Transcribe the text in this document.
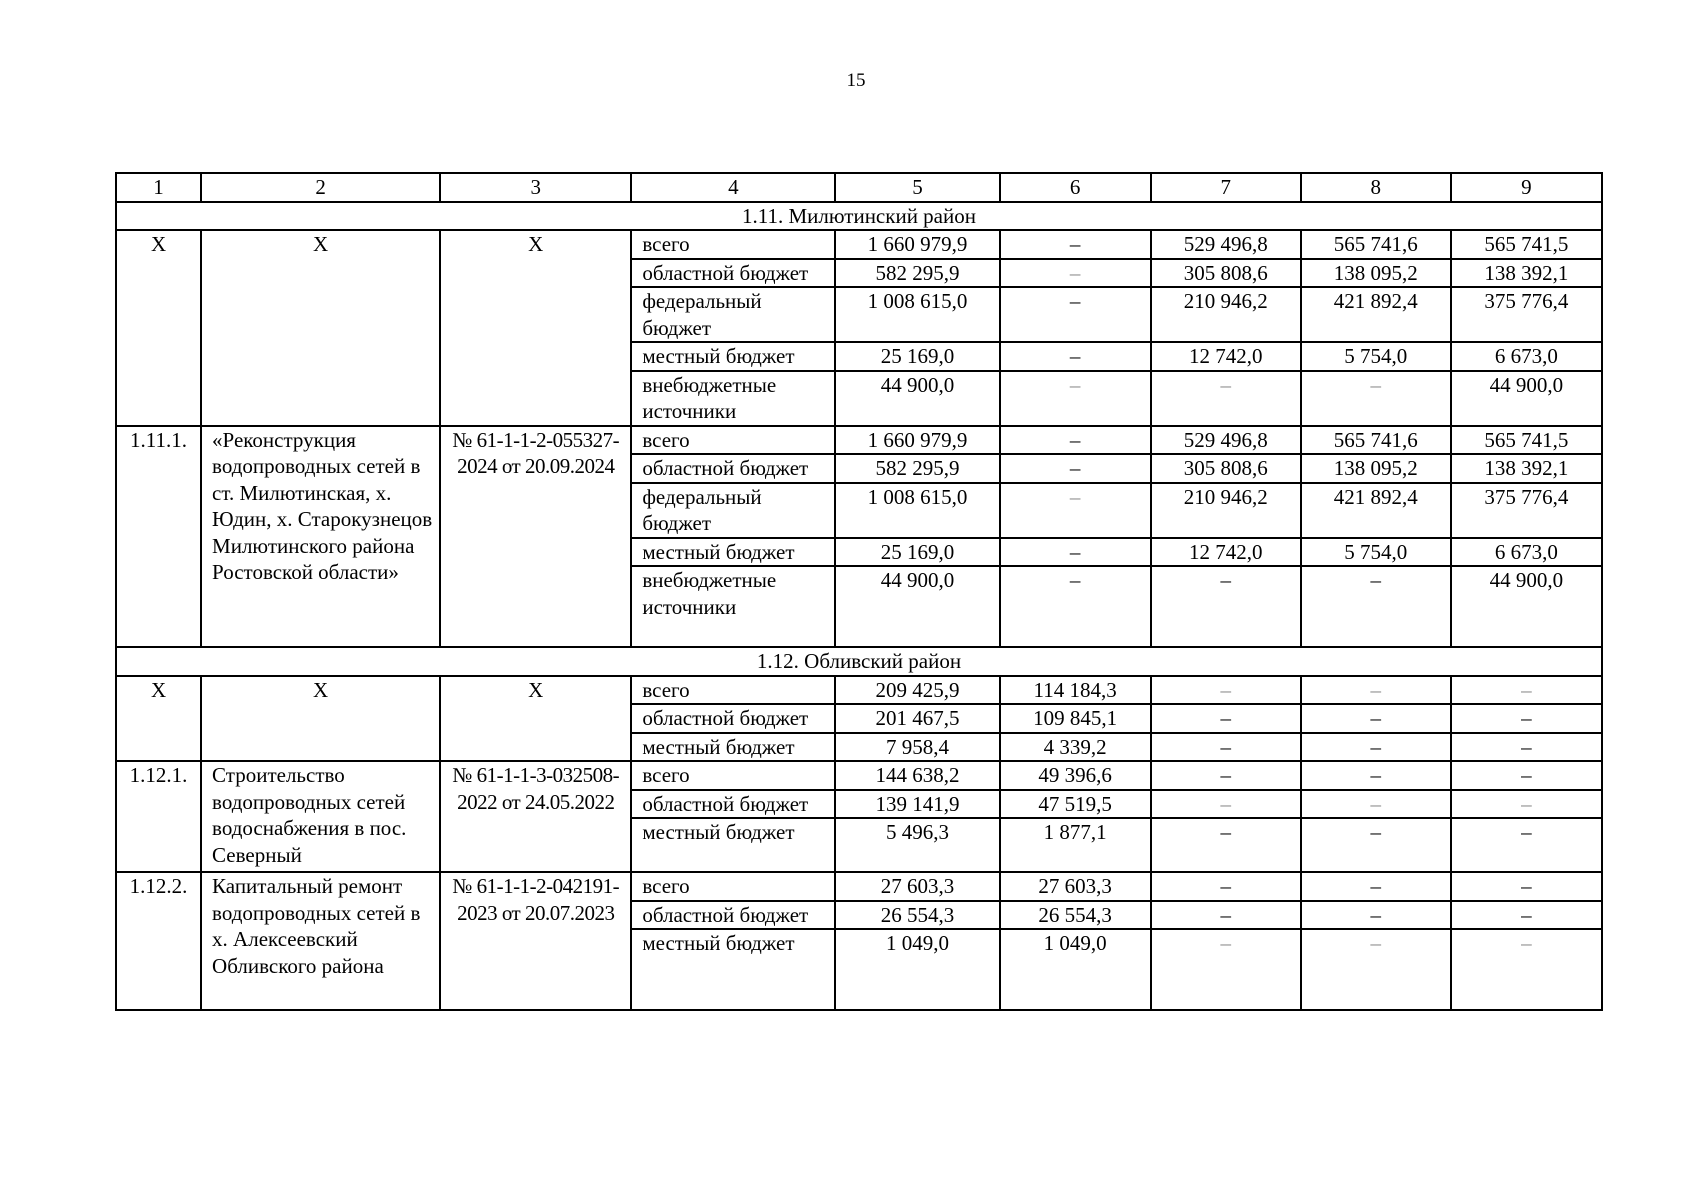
15
1	2	3	4	5	6	7	8	9
1.11. Милютинский район								
Х	Х	Х	всего	1 660 979,9	–	529 496,8	565 741,6	565 741,5
			областной бюджет	582 295,9	–	305 808,6	138 095,2	138 392,1
			федеральный бюджет	1 008 615,0	–	210 946,2	421 892,4	375 776,4
			местный бюджет	25 169,0	–	12 742,0	5 754,0	6 673,0
			внебюджетные источники	44 900,0	–	–	–	44 900,0
1.11.1.	«Реконструкция водопроводных сетей в ст. Милютинская, х. Юдин, х. Старокузнецов Милютинского района Ростовской области»	№ 61-1-1-2-055327-2024 от 20.09.2024	всего	1 660 979,9	–	529 496,8	565 741,6	565 741,5
			областной бюджет	582 295,9	–	305 808,6	138 095,2	138 392,1
			федеральный бюджет	1 008 615,0	–	210 946,2	421 892,4	375 776,4
			местный бюджет	25 169,0	–	12 742,0	5 754,0	6 673,0
			внебюджетные источники	44 900,0	–	–	–	44 900,0
1.12. Обливский район								
Х	Х	Х	всего	209 425,9	114 184,3	–	–	–
			областной бюджет	201 467,5	109 845,1	–	–	–
			местный бюджет	7 958,4	4 339,2	–	–	–
1.12.1.	Строительство водопроводных сетей водоснабжения в пос. Северный	№ 61-1-1-3-032508-2022 от 24.05.2022	всего	144 638,2	49 396,6	–	–	–
			областной бюджет	139 141,9	47 519,5	–	–	–
			местный бюджет	5 496,3	1 877,1	–	–	–
1.12.2.	Капитальный ремонт водопроводных сетей в х. Алексеевский Обливского района	№ 61-1-1-2-042191-2023 от 20.07.2023	всего	27 603,3	27 603,3	–	–	–
			областной бюджет	26 554,3	26 554,3	–	–	–
			местный бюджет	1 049,0	1 049,0	–	–	–
